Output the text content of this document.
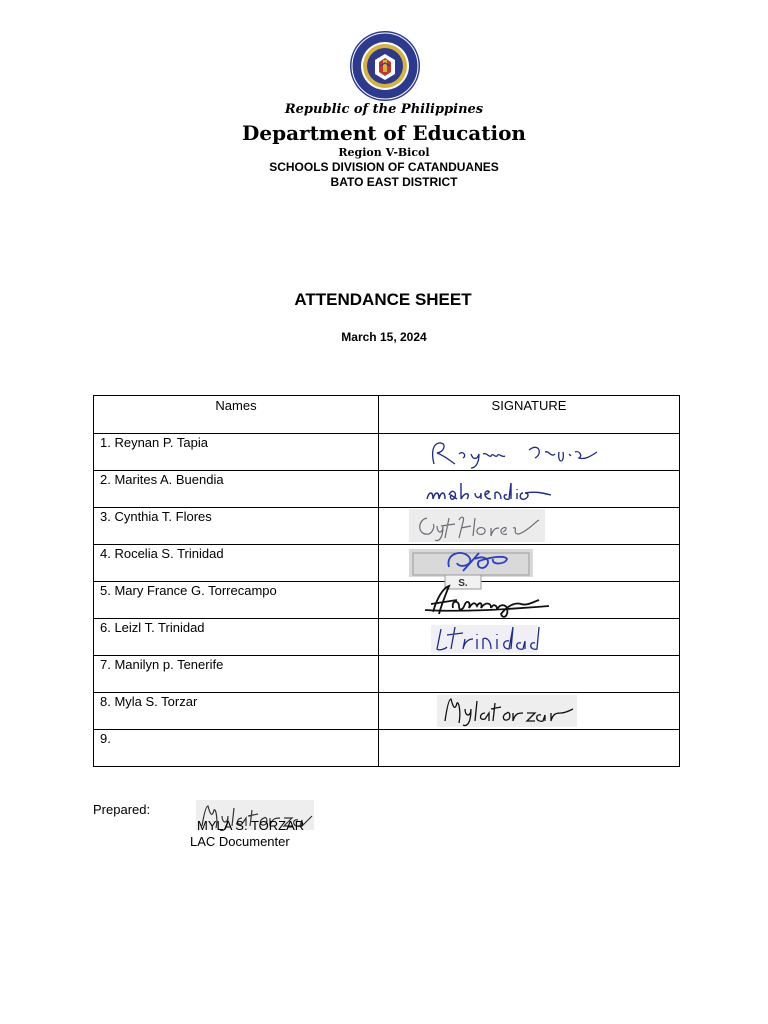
Republic of the Philippines
Department of Education
Region V-Bicol
SCHOOLS DIVISION OF CATANDUANES
BATO EAST DISTRICT
ATTENDANCE SHEET
March 15, 2024
Names	SIGNATURE
1. Reynan P. Tapia	

2. Marites A. Buendia	

3. Cynthia T. Flores	

4. Rocelia S. Trinidad	S.

5. Mary France G. Torrecampo	

6. Leizl T. Trinidad	

7. Manilyn p. Tenerife	
8. Myla S. Torzar	

9.	
Prepared:
MYLA S. TORZAR
LAC Documenter
